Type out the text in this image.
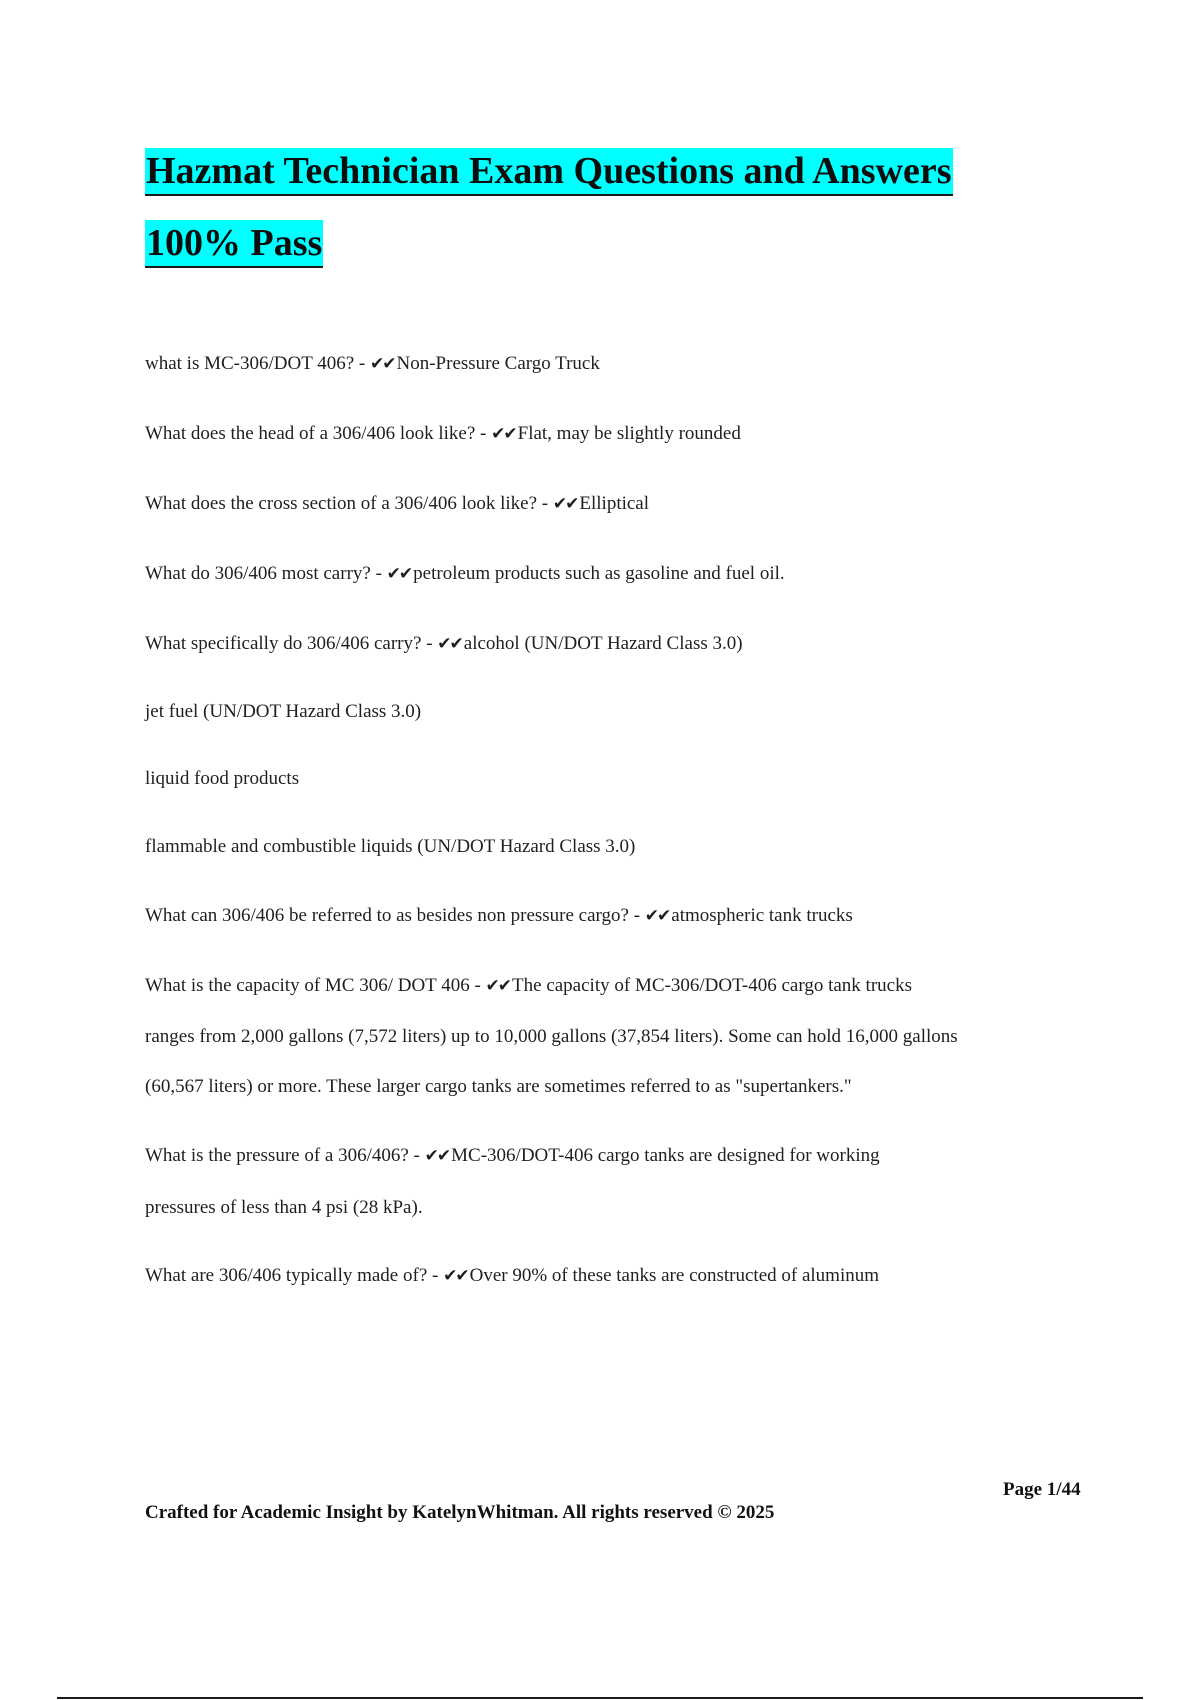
Hazmat Technician Exam Questions and Answers
100% Pass
what is MC-306/DOT 406? - ✔✔ Non-Pressure Cargo Truck
What does the head of a 306/406 look like? - ✔✔ Flat, may be slightly rounded
What does the cross section of a 306/406 look like? - ✔✔ Elliptical
What do 306/406 most carry? - ✔✔ petroleum products such as gasoline and fuel oil.
What specifically do 306/406 carry? - ✔✔ alcohol (UN/DOT Hazard Class 3.0)
jet fuel (UN/DOT Hazard Class 3.0)
liquid food products
flammable and combustible liquids (UN/DOT Hazard Class 3.0)
What can 306/406 be referred to as besides non pressure cargo? - ✔✔ atmospheric tank trucks
What is the capacity of MC 306/ DOT 406 - ✔✔ The capacity of MC-306/DOT-406 cargo tank trucks
ranges from 2,000 gallons (7,572 liters) up to 10,000 gallons (37,854 liters). Some can hold 16,000 gallons
(60,567 liters) or more. These larger cargo tanks are sometimes referred to as "supertankers."
What is the pressure of a 306/406? - ✔✔ MC-306/DOT-406 cargo tanks are designed for working
pressures of less than 4 psi (28 kPa).
What are 306/406 typically made of? - ✔✔ Over 90% of these tanks are constructed of aluminum
Page 1/44
Crafted for Academic Insight by KatelynWhitman. All rights reserved © 2025
